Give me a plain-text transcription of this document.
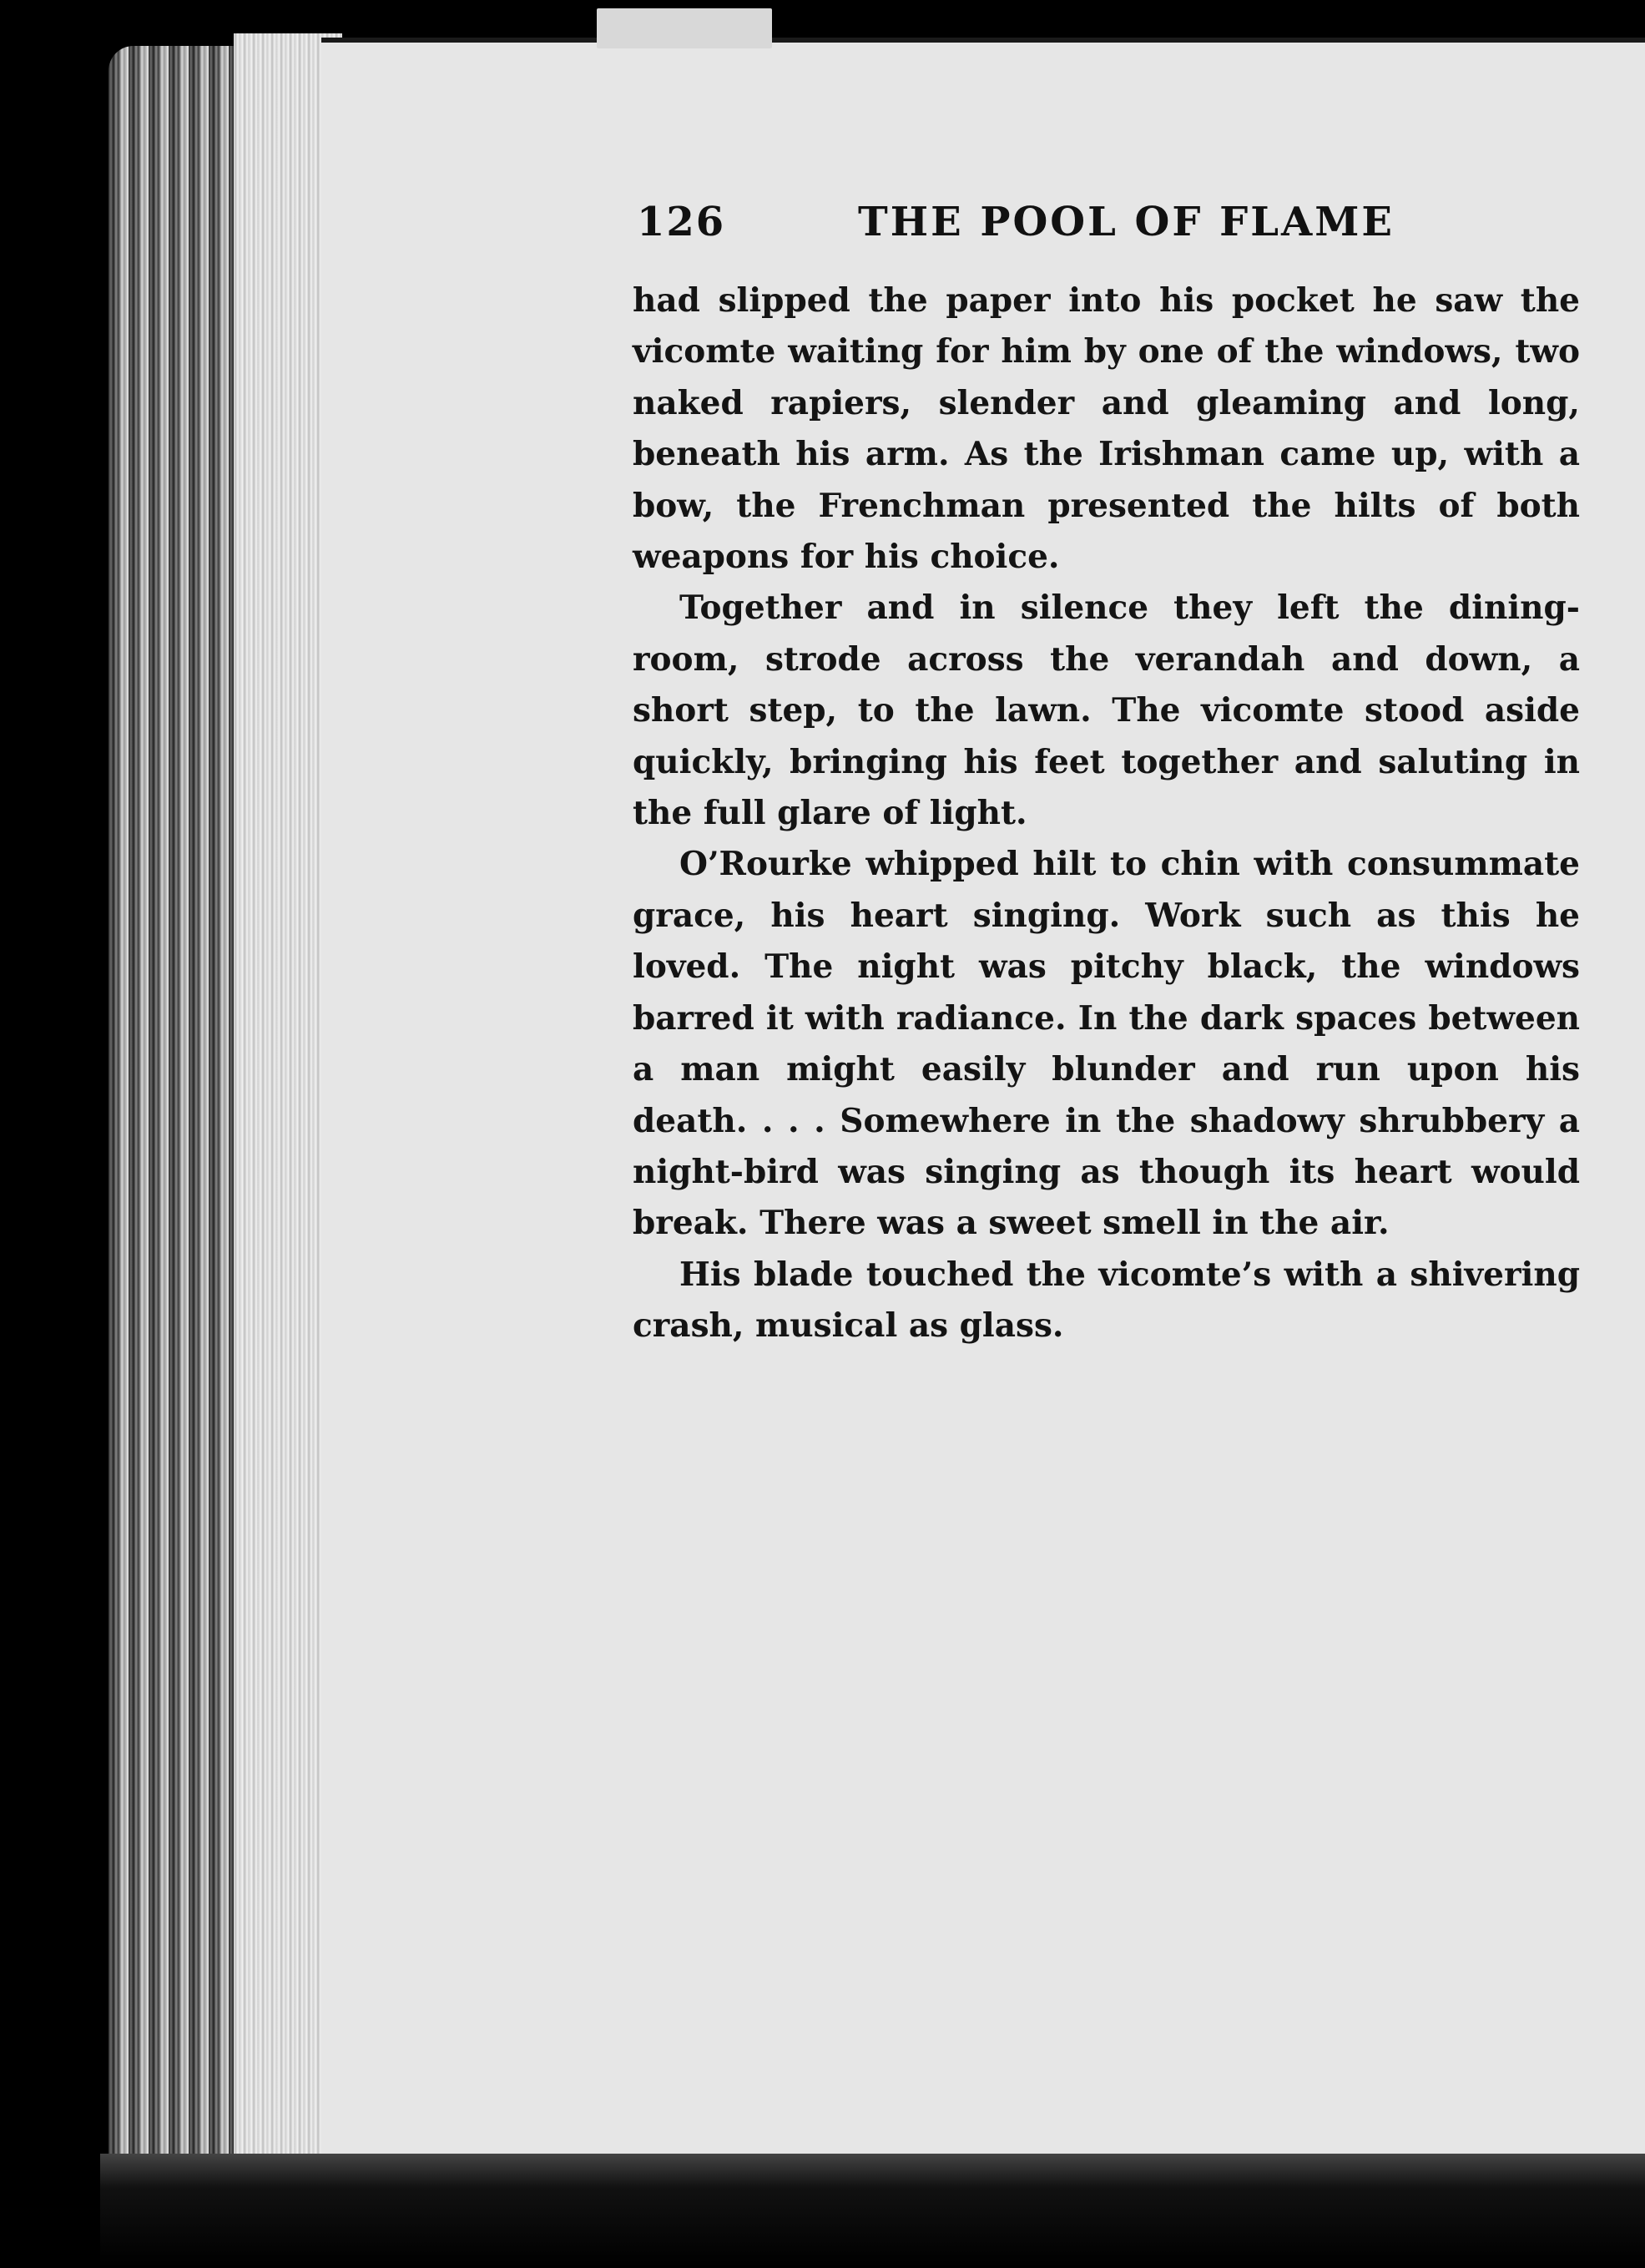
126	THE POOL OF FLAME

had slipped the paper into his pocket he saw the vicomte waiting for him by one of the windows, two naked rapiers, slender and gleaming and long, beneath his arm. As the Irishman came up, with a bow, the Frenchman presented the hilts of both weapons for his choice.

Together and in silence they left the dining-room, strode across the verandah and down, a short step, to the lawn. The vicomte stood aside quickly, bringing his feet together and saluting in the full glare of light.

O’Rourke whipped hilt to chin with consummate grace, his heart singing. Work such as this he loved. The night was pitchy black, the windows barred it with radiance. In the dark spaces between a man might easily blunder and run upon his death. . . . Somewhere in the shadowy shrubbery a night-bird was singing as though its heart would break. There was a sweet smell in the air.

His blade touched the vicomte’s with a shivering crash, musical as glass.
